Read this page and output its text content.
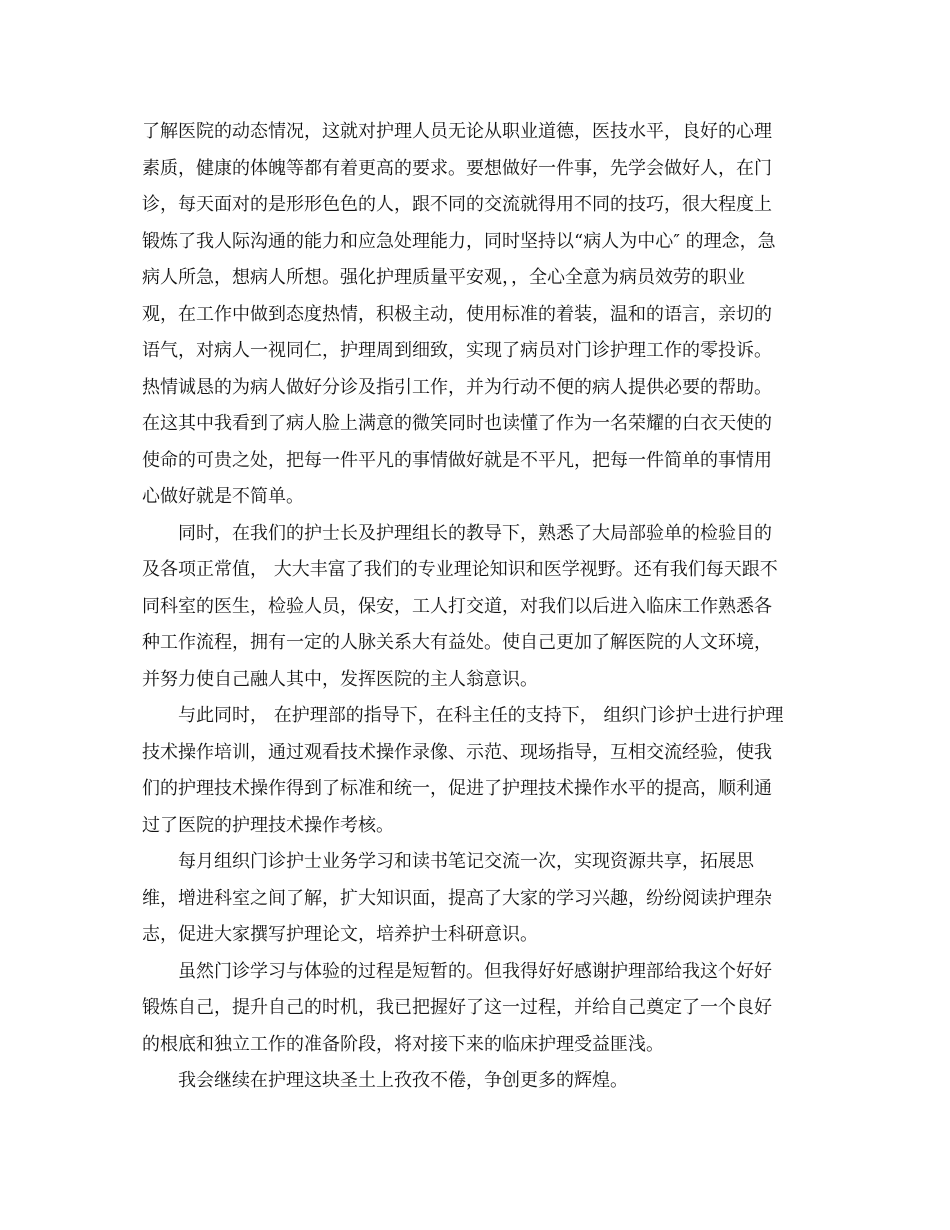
了解医院的动态情况，这就对护理人员无论从职业道德，医技水平，良好的心理
素质，健康的体魄等都有着更高的要求。要想做好一件事，先学会做好人，在门
诊，每天面对的是形形色色的人，跟不同的交流就得用不同的技巧，很大程度上
锻炼了我人际沟通的能力和应急处理能力，同时坚持以“病人为中心″ 的理念，急
病人所急，想病人所想。强化护理质量平安观，，全心全意为病员效劳的职业
观，在工作中做到态度热情，积极主动，使用标准的着装，温和的语言，亲切的
语气，对病人一视同仁，护理周到细致，实现了病员对门诊护理工作的零投诉。
热情诚恳的为病人做好分诊及指引工作，并为行动不便的病人提供必要的帮助。
在这其中我看到了病人脸上满意的微笑同时也读懂了作为一名荣耀的白衣天使的
使命的可贵之处，把每一件平凡的事情做好就是不平凡，把每一件简单的事情用
心做好就是不简单。
同时，在我们的护士长及护理组长的教导下，熟悉了大局部验单的检验目的
及各项正常值， 大大丰富了我们的专业理论知识和医学视野。还有我们每天跟不
同科室的医生，检验人员，保安，工人打交道，对我们以后进入临床工作熟悉各
种工作流程，拥有一定的人脉关系大有益处。使自己更加了解医院的人文环境，
并努力使自己融人其中，发挥医院的主人翁意识。
与此同时， 在护理部的指导下，在科主任的支持下， 组织门诊护士进行护理
技术操作培训，通过观看技术操作录像、示范、现场指导，互相交流经验，使我
们的护理技术操作得到了标准和统一，促进了护理技术操作水平的提高，顺利通
过了医院的护理技术操作考核。
每月组织门诊护士业务学习和读书笔记交流一次，实现资源共享，拓展思
维，增进科室之间了解，扩大知识面，提高了大家的学习兴趣，纷纷阅读护理杂
志，促进大家撰写护理论文，培养护士科研意识。
虽然门诊学习与体验的过程是短暂的。但我得好好感谢护理部给我这个好好
锻炼自己，提升自己的时机，我已把握好了这一过程，并给自己奠定了一个良好
的根底和独立工作的准备阶段，将对接下来的临床护理受益匪浅。
我会继续在护理这块圣土上孜孜不倦，争创更多的辉煌。
